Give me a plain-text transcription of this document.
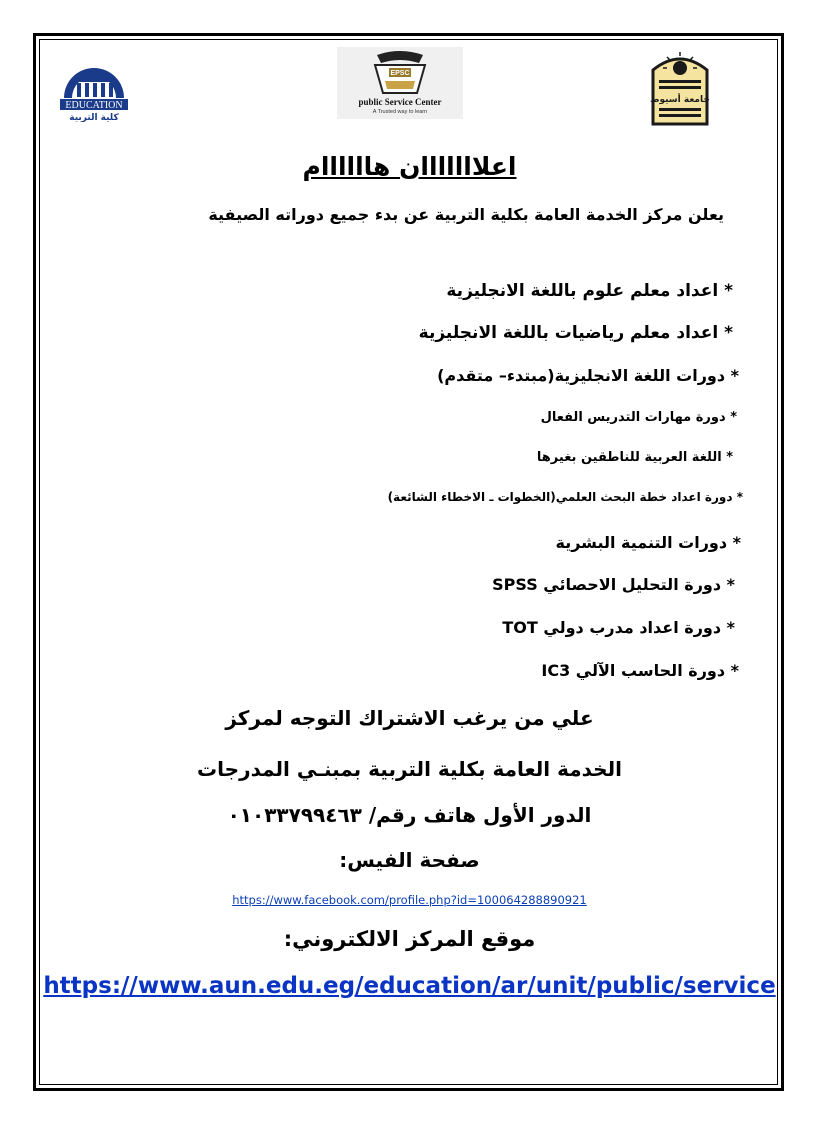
EDUCATION
كلية التربية
EPSC
public Service Center
A Trusted way to learn
جامعة أسيوط
اعلااااااان هاااااام
يعلن مركز الخدمة العامة بكلية التربية عن بدء جميع دوراته الصيفية
* اعداد معلم علوم باللغة الانجليزية
* اعداد معلم رياضيات باللغة الانجليزية
* دورات اللغة الانجليزية(مبتدء– متقدم)
* دورة مهارات التدريس الفعال
* اللغة العربية للناطقين بغيرها
* دورة اعداد خطة البحث العلمي(الخطوات ـ الاخطاء الشائعة)
* دورات التنمية البشرية
* دورة التحليل الاحصائي SPSS
* دورة اعداد مدرب دولي TOT
* دورة الحاسب الآلي IC3
علي من يرغب الاشتراك التوجه لمركز
الخدمة العامة بكلية التربية بمبنـي المدرجات
الدور الأول هاتف رقم/ ٠١٠٣٣٧٩٩٤٦٣
صفحة الفيس:
https://www.facebook.com/profile.php?id=100064288890921
موقع المركز الالكتروني:
https://www.aun.edu.eg/education/ar/unit/public/service
